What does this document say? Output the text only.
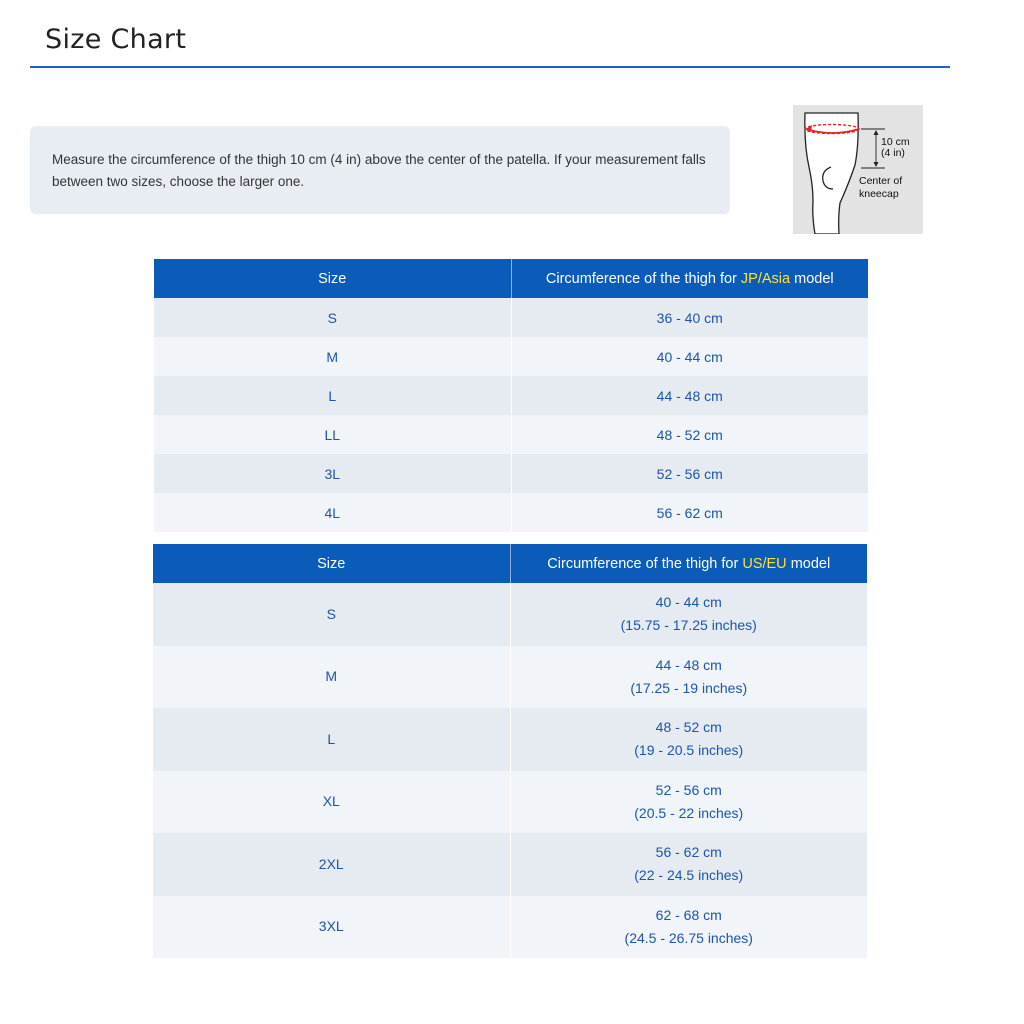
Size Chart
Measure the circumference of the thigh 10 cm (4 in) above the center of the patella. If your measurement falls between two sizes, choose the larger one.
10 cm
(4 in)
Center of
kneecap
Size	Circumference of the thigh for JP/Asia model
S	36 - 40 cm
M	40 - 44 cm
L	44 - 48 cm
LL	48 - 52 cm
3L	52 - 56 cm
4L	56 - 62 cm
Size	Circumference of the thigh for US/EU model
S	40 - 44 cm
(15.75 - 17.25 inches)
M	44 - 48 cm
(17.25 - 19 inches)
L	48 - 52 cm
(19 - 20.5 inches)
XL	52 - 56 cm
(20.5 - 22 inches)
2XL	56 - 62 cm
(22 - 24.5 inches)
3XL	62 - 68 cm
(24.5 - 26.75 inches)
